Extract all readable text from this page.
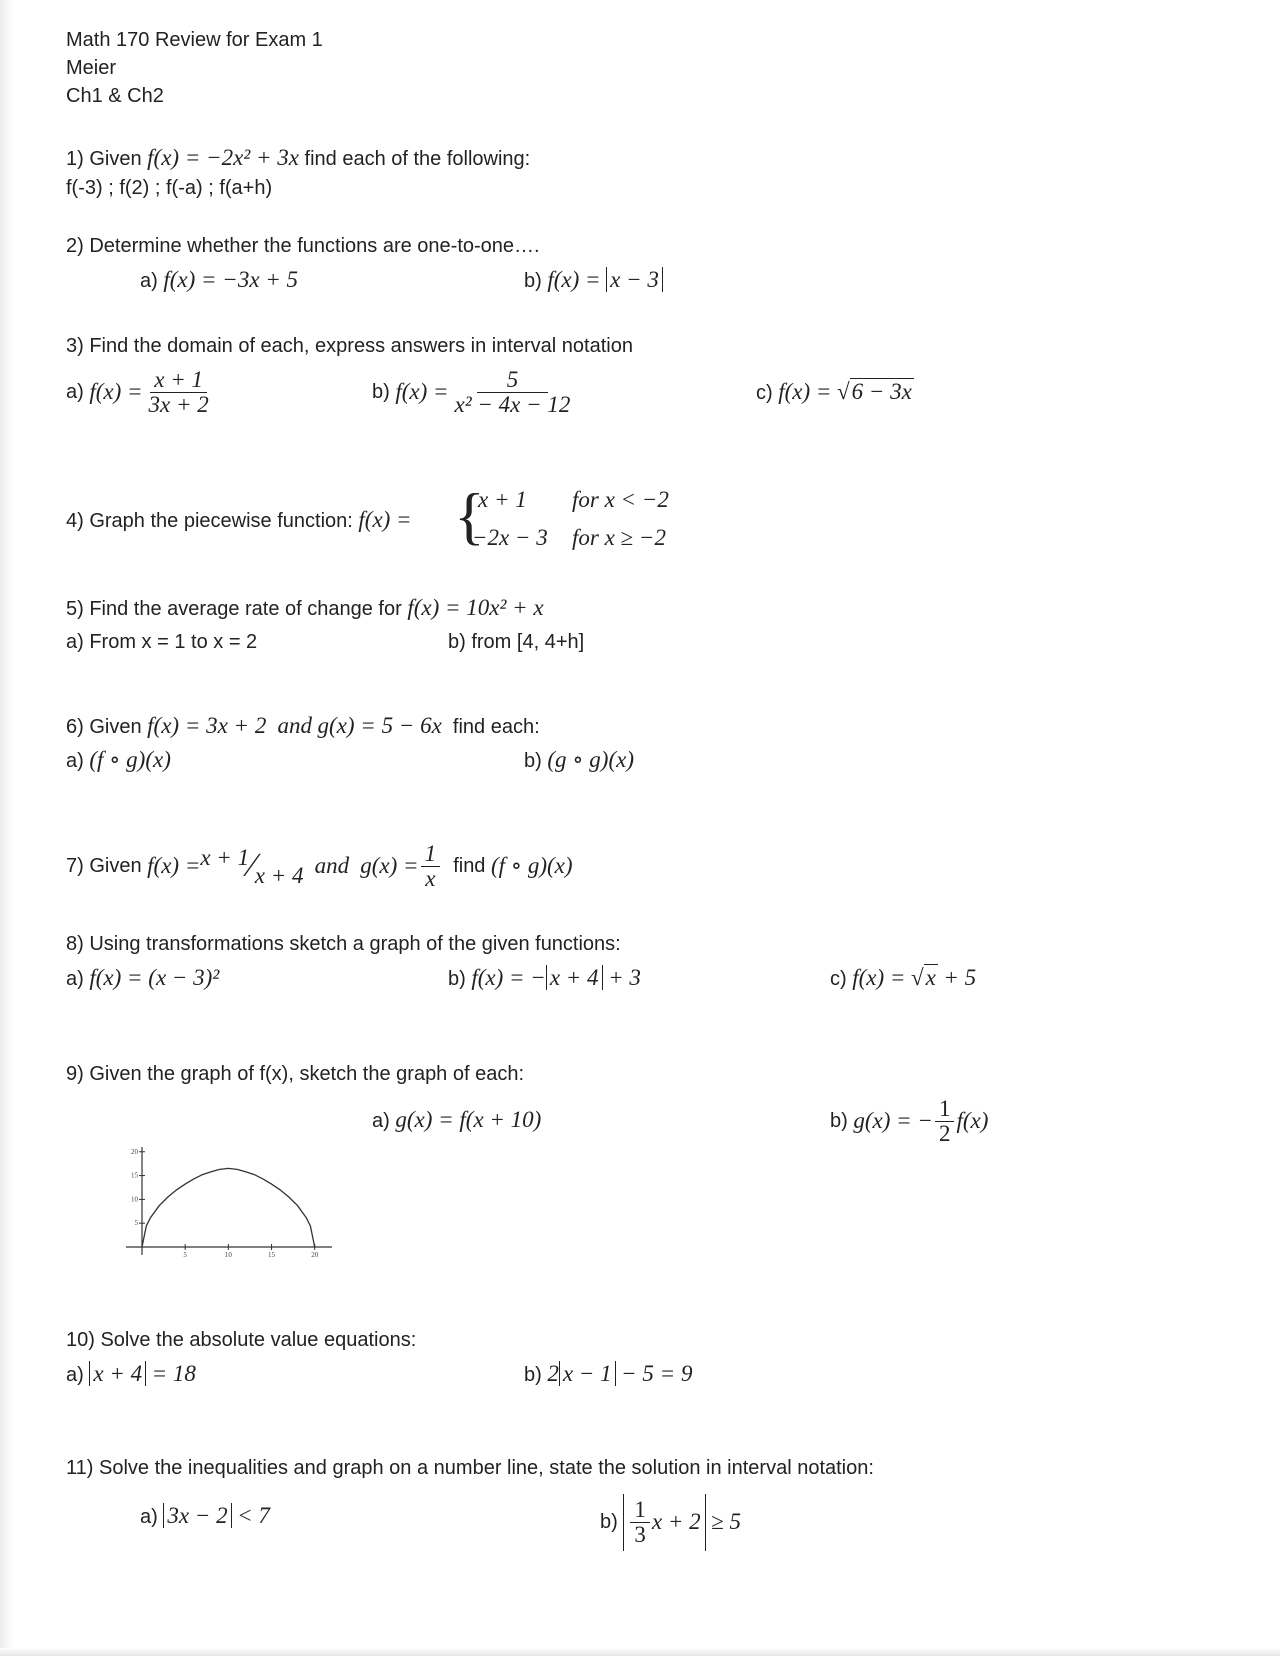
Math 170 Review for Exam 1
Meier
Ch1 & Ch2
1) Given f(x) = −2x² + 3x find each of the following:
f(-3) ; f(2) ; f(-a) ; f(a+h)
2) Determine whether the functions are one-to-one….
a) f(x) = −3x + 5	b) f(x) = x − 3
3) Find the domain of each, express answers in interval notation
a)
$f(x) = \frac{x + 1}{3x + 2}$	b)
$f(x) = \frac{5}{\text{x² − 4x − 12}}$	c) f(x) = √6 − 3x
4) Graph the piecewise function: f(x) = {
x + 1 for x < −2
−2x − 3 for x ≥ −2
5) Find the average rate of change for f(x) = 10x² + x
a) From x = 1 to x = 2	b) from [4, 4+h]
6) Given f(x) = 3x + 2 and g(x) = 5 − 6x find each:
a) (f ∘ g)(x)	b) (g ∘ g)(x)
7) Given
f(x) = x + 1 ∕ x + 4
and
$g(x) = \frac{1}{x}$
find
(f ∘ g)(x)
8) Using transformations sketch a graph of the given functions:
a) f(x) = (x − 3)²	b) f(x) = − x + 4 + 3	c) f(x) = √x + 5
9) Given the graph of f(x), sketch the graph of each:
a) g(x) = f(x + 10)	b)
g(x) = − $\frac{1}{2} f(x)$
5	10	15	20
5
10
15
20
10) Solve the absolute value equations:
a) x + 4 = 18	b) 2 x − 1 − 5 = 9
11) Solve the inequalities and graph on a number line, state the solution in interval notation:
a) 3x − 2 < 7	b)
$\frac{1}{3}$ x + 2
≥ 5
